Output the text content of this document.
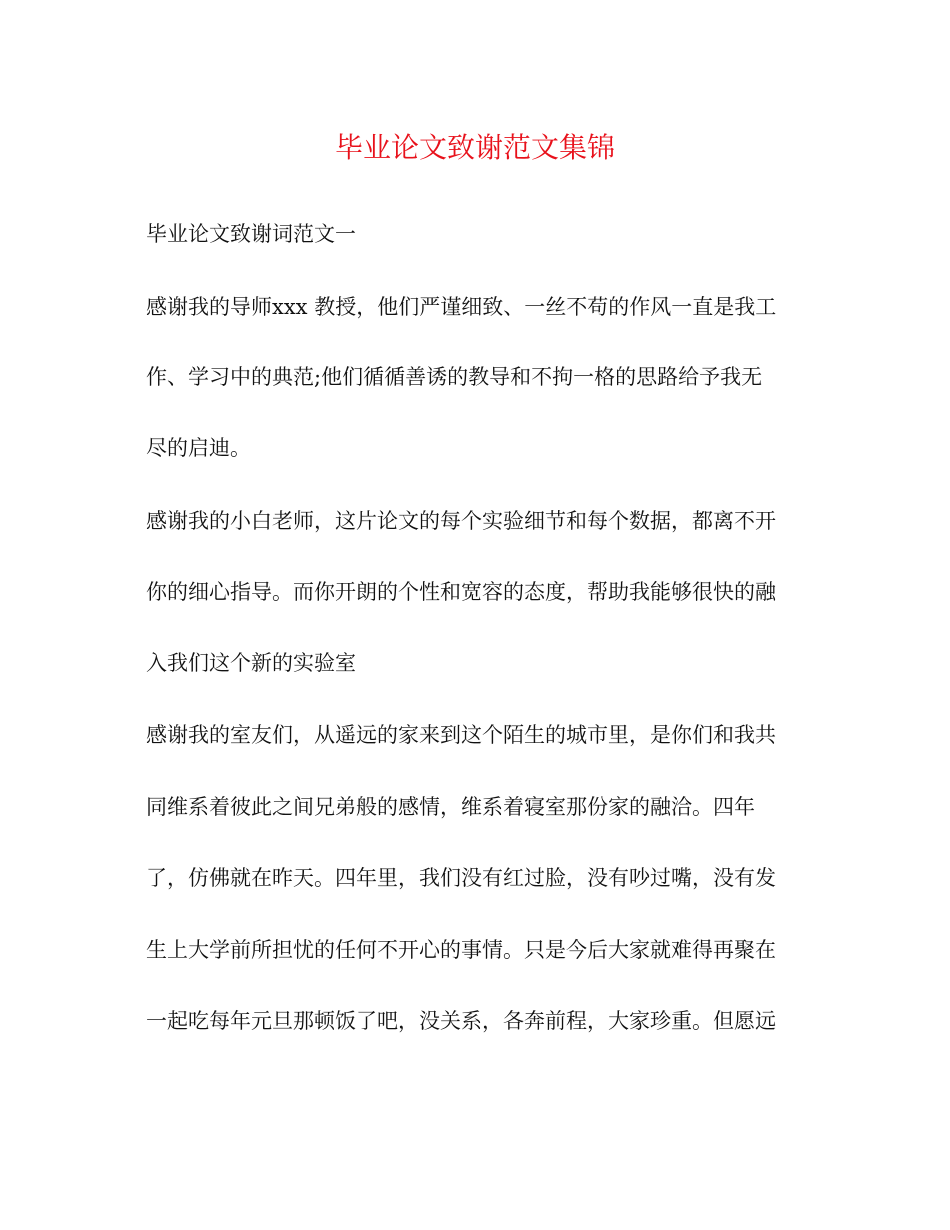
毕业论文致谢范文集锦
毕业论文致谢词范文一
感谢我的导师xxx 教授，他们严谨细致、一丝不苟的作风一直是我工
作、学习中的典范;他们循循善诱的教导和不拘一格的思路给予我无
尽的启迪。
感谢我的小白老师，这片论文的每个实验细节和每个数据，都离不开
你的细心指导。而你开朗的个性和宽容的态度，帮助我能够很快的融
入我们这个新的实验室
感谢我的室友们，从遥远的家来到这个陌生的城市里，是你们和我共
同维系着彼此之间兄弟般的感情，维系着寝室那份家的融洽。四年
了，仿佛就在昨天。四年里，我们没有红过脸，没有吵过嘴，没有发
生上大学前所担忧的任何不开心的事情。只是今后大家就难得再聚在
一起吃每年元旦那顿饭了吧，没关系，各奔前程，大家珍重。但愿远
